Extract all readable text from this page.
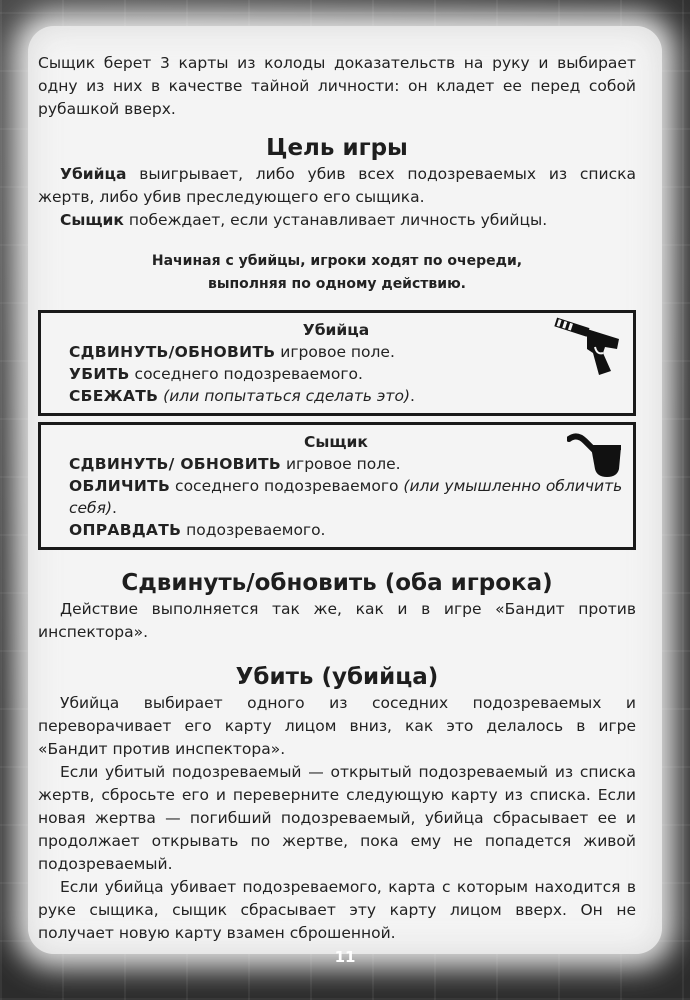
Сыщик берет 3 карты из колоды доказательств на руку и выбирает одну из них в качестве тайной личности: он кладет ее перед собой рубашкой вверх.

Цель игры

Убийца выигрывает, либо убив всех подозреваемых из списка жертв, либо убив преследующего его сыщика.

Сыщик побеждает, если устанавливает личность убийцы.

Начиная с убийцы, игроки ходят по очереди, выполняя по одному действию.
Убийца
СДВИНУТЬ/ОБНОВИТЬ игровое поле.
УБИТЬ соседнего подозреваемого.
СБЕЖАТЬ (или попытаться сделать это).
Сыщик
СДВИНУТЬ/ ОБНОВИТЬ игровое поле.
ОБЛИЧИТЬ соседнего подозреваемого (или умышленно обличить себя).
ОПРАВДАТЬ подозреваемого.
Сдвинуть/обновить (оба игрока)

Действие выполняется так же, как и в игре «Бандит против инспектора».

Убить (убийца)

Убийца выбирает одного из соседних подозреваемых и переворачивает его карту лицом вниз, как это делалось в игре «Бандит против инспектора».

Если убитый подозреваемый — открытый подозреваемый из списка жертв, сбросьте его и переверните следующую карту из списка. Если новая жертва — погибший подозреваемый, убийца сбрасывает ее и продолжает открывать по жертве, пока ему не попадется живой подозреваемый.

Если убийца убивает подозреваемого, карта с которым находится в руке сыщика, сыщик сбрасывает эту карту лицом вверх. Он не получает новую карту взамен сброшенной.

11
